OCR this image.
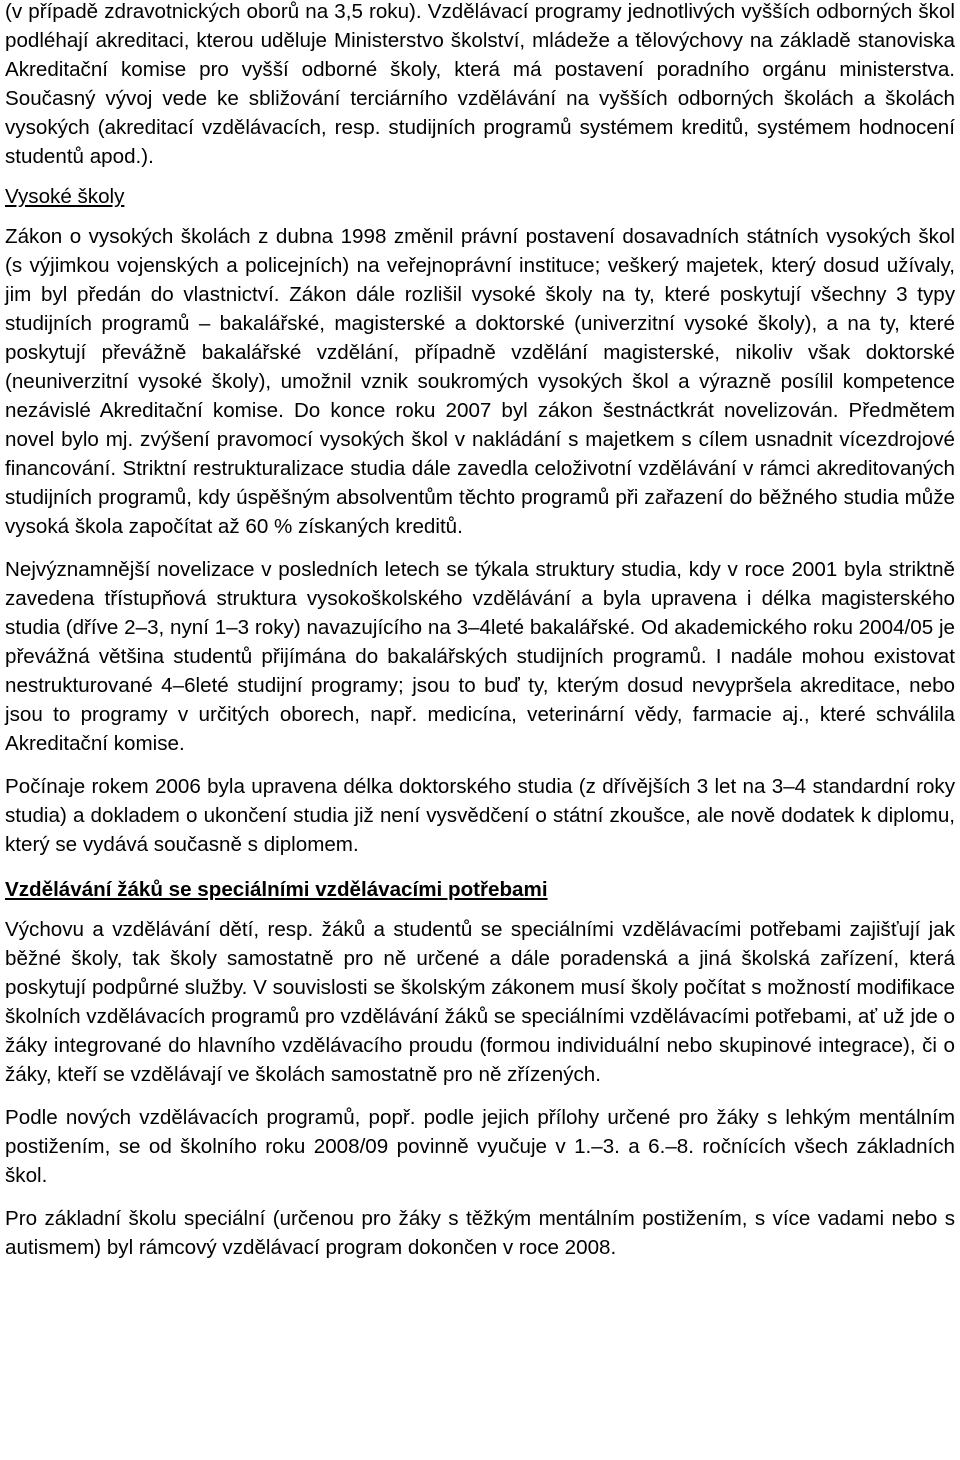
(v případě zdravotnických oborů na 3,5 roku). Vzdělávací programy jednotlivých vyšších odborných škol podléhají akreditaci, kterou uděluje Ministerstvo školství, mládeže a tělovýchovy na základě stanoviska Akreditační komise pro vyšší odborné školy, která má postavení poradního orgánu ministerstva. Současný vývoj vede ke sbližování terciárního vzdělávání na vyšších odborných školách a školách vysokých (akreditací vzdělávacích, resp. studijních programů systémem kreditů, systémem hodnocení studentů apod.).

Vysoké školy

Zákon o vysokých školách z dubna 1998 změnil právní postavení dosavadních státních vysokých škol (s výjimkou vojenských a policejních) na veřejnoprávní instituce; veškerý majetek, který dosud užívaly, jim byl předán do vlastnictví. Zákon dále rozlišil vysoké školy na ty, které poskytují všechny 3 typy studijních programů – bakalářské, magisterské a doktorské (univerzitní vysoké školy), a na ty, které poskytují převážně bakalářské vzdělání, případně vzdělání magisterské, nikoliv však doktorské (neuniverzitní vysoké školy), umožnil vznik soukromých vysokých škol a výrazně posílil kompetence nezávislé Akreditační komise. Do konce roku 2007 byl zákon šestnáctkrát novelizován. Předmětem novel bylo mj. zvýšení pravomocí vysokých škol v nakládání s majetkem s cílem usnadnit vícezdrojové financování. Striktní restrukturalizace studia dále zavedla celoživotní vzdělávání v rámci akreditovaných studijních programů, kdy úspěšným absolventům těchto programů při zařazení do běžného studia může vysoká škola započítat až 60 % získaných kreditů.

Nejvýznamnější novelizace v posledních letech se týkala struktury studia, kdy v roce 2001 byla striktně zavedena třístupňová struktura vysokoškolského vzdělávání a byla upravena i délka magisterského studia (dříve 2–3, nyní 1–3 roky) navazujícího na 3–4leté bakalářské. Od akademického roku 2004/05 je převážná většina studentů přijímána do bakalářských studijních programů. I nadále mohou existovat nestrukturované 4–6leté studijní programy; jsou to buď ty, kterým dosud nevypršela akreditace, nebo jsou to programy v určitých oborech, např. medicína, veterinární vědy, farmacie aj., které schválila Akreditační komise.

Počínaje rokem 2006 byla upravena délka doktorského studia (z dřívějších 3 let na 3–4 standardní roky studia) a dokladem o ukončení studia již není vysvědčení o státní zkoušce, ale nově dodatek k diplomu, který se vydává současně s diplomem.

Vzdělávání žáků se speciálními vzdělávacími potřebami

Výchovu a vzdělávání dětí, resp. žáků a studentů se speciálními vzdělávacími potřebami zajišťují jak běžné školy, tak školy samostatně pro ně určené a dále poradenská a jiná školská zařízení, která poskytují podpůrné služby. V souvislosti se školským zákonem musí školy počítat s možností modifikace školních vzdělávacích programů pro vzdělávání žáků se speciálními vzdělávacími potřebami, ať už jde o žáky integrované do hlavního vzdělávacího proudu (formou individuální nebo skupinové integrace), či o žáky, kteří se vzdělávají ve školách samostatně pro ně zřízených.

Podle nových vzdělávacích programů, popř. podle jejich přílohy určené pro žáky s lehkým mentálním postižením, se od školního roku 2008/09 povinně vyučuje v 1.–3. a 6.–8. ročnících všech základních škol.

Pro základní školu speciální (určenou pro žáky s těžkým mentálním postižením, s více vadami nebo s autismem) byl rámcový vzdělávací program dokončen v roce 2008.
